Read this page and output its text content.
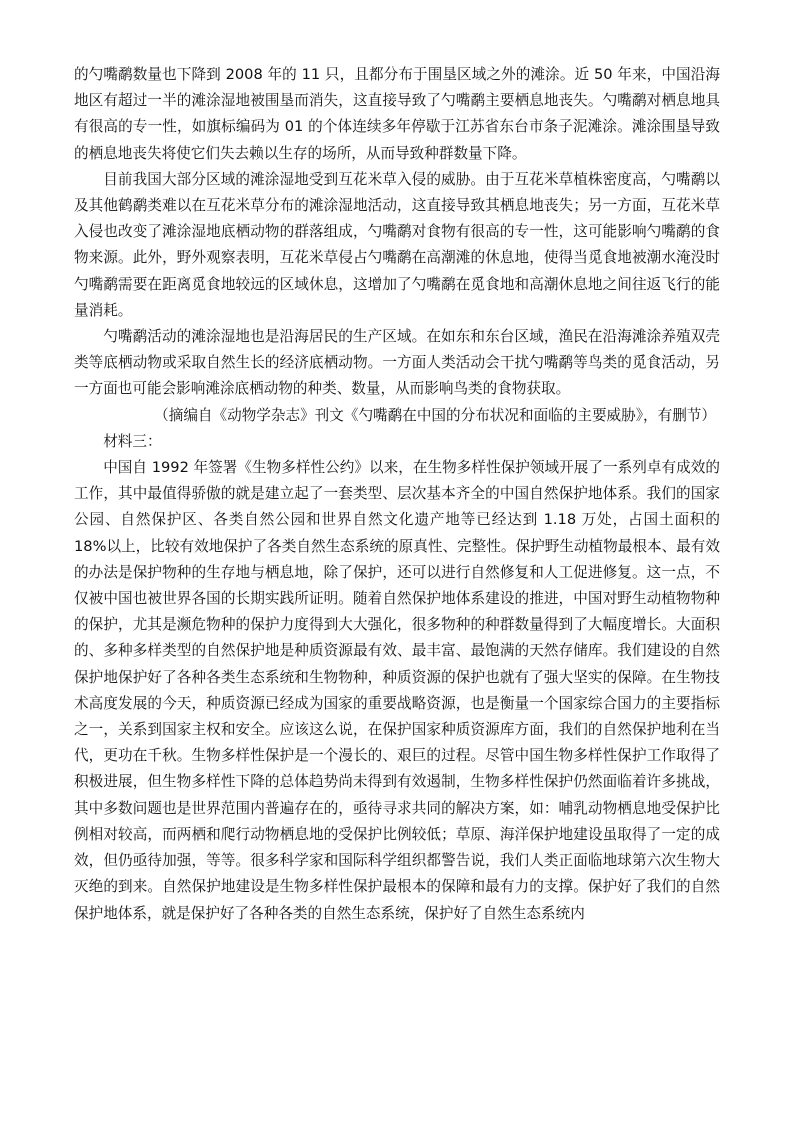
的勺嘴鹬数量也下降到 2008 年的 11 只，且都分布于围垦区域之外的滩涂。近 50 年来，中国沿海地区有超过一半的滩涂湿地被围垦而消失，这直接导致了勺嘴鹬主要栖息地丧失。勺嘴鹬对栖息地具有很高的专一性，如旗标编码为 01 的个体连续多年停歇于江苏省东台市条子泥滩涂。滩涂围垦导致的栖息地丧失将使它们失去赖以生存的场所，从而导致种群数量下降。

目前我国大部分区域的滩涂湿地受到互花米草入侵的威胁。由于互花米草植株密度高，勺嘴鹬以及其他鹤鹬类难以在互花米草分布的滩涂湿地活动，这直接导致其栖息地丧失；另一方面，互花米草入侵也改变了滩涂湿地底栖动物的群落组成，勺嘴鹬对食物有很高的专一性，这可能影响勺嘴鹬的食物来源。此外，野外观察表明，互花米草侵占勺嘴鹬在高潮滩的休息地，使得当觅食地被潮水淹没时勺嘴鹬需要在距离觅食地较远的区域休息，这增加了勺嘴鹬在觅食地和高潮休息地之间往返飞行的能量消耗。

勺嘴鹬活动的滩涂湿地也是沿海居民的生产区域。在如东和东台区域，渔民在沿海滩涂养殖双壳类等底栖动物或采取自然生长的经济底栖动物。一方面人类活动会干扰勺嘴鹬等鸟类的觅食活动，另一方面也可能会影响滩涂底栖动物的种类、数量，从而影响鸟类的食物获取。

（摘编自《动物学杂志》刊文《勺嘴鹬在中国的分布状况和面临的主要威胁》，有删节）

材料三：

中国自 1992 年签署《生物多样性公约》以来，在生物多样性保护领域开展了一系列卓有成效的工作，其中最值得骄傲的就是建立起了一套类型、层次基本齐全的中国自然保护地体系。我们的国家公园、自然保护区、各类自然公园和世界自然文化遗产地等已经达到 1.18 万处，占国土面积的 18%以上，比较有效地保护了各类自然生态系统的原真性、完整性。保护野生动植物最根本、最有效的办法是保护物种的生存地与栖息地，除了保护，还可以进行自然修复和人工促进修复。这一点，不仅被中国也被世界各国的长期实践所证明。随着自然保护地体系建设的推进，中国对野生动植物物种的保护，尤其是濒危物种的保护力度得到大大强化，很多物种的种群数量得到了大幅度增长。大面积的、多种多样类型的自然保护地是种质资源最有效、最丰富、最饱满的天然存储库。我们建设的自然保护地保护好了各种各类生态系统和生物物种，种质资源的保护也就有了强大坚实的保障。在生物技术高度发展的今天，种质资源已经成为国家的重要战略资源，也是衡量一个国家综合国力的主要指标之一，关系到国家主权和安全。应该这么说，在保护国家种质资源库方面，我们的自然保护地利在当代，更功在千秋。生物多样性保护是一个漫长的、艰巨的过程。尽管中国生物多样性保护工作取得了积极进展，但生物多样性下降的总体趋势尚未得到有效遏制，生物多样性保护仍然面临着许多挑战，其中多数问题也是世界范围内普遍存在的，亟待寻求共同的解决方案，如：哺乳动物栖息地受保护比例相对较高，而两栖和爬行动物栖息地的受保护比例较低；草原、海洋保护地建设虽取得了一定的成效，但仍亟待加强，等等。很多科学家和国际科学组织都警告说，我们人类正面临地球第六次生物大灭绝的到来。自然保护地建设是生物多样性保护最根本的保障和最有力的支撑。保护好了我们的自然保护地体系，就是保护好了各种各类的自然生态系统，保护好了自然生态系统内
